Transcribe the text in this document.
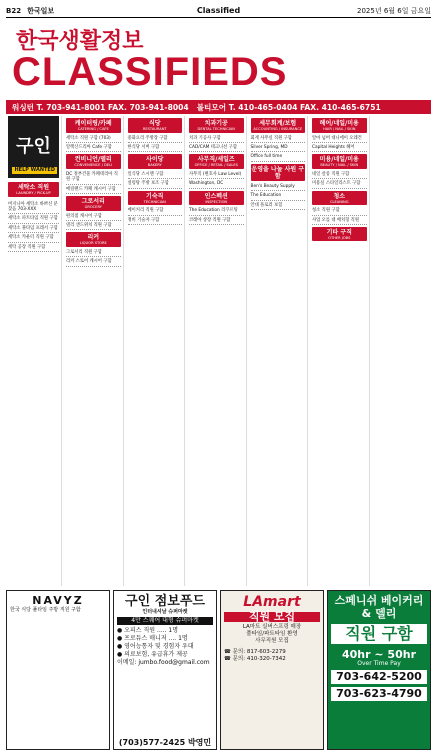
B22 한국일보	Classified	2025년 6월 6일 금요일
한국생활정보
CLASSIFIEDS
워싱턴 T. 703-941-8001 FAX. 703-941-8004 볼티모어 T. 410-465-0404 FAX. 410-465-6751
구인
HELP WANTED
세탁소 직원
LAUNDRY / PICK-UP
버지니아 세탁소 바쁘신 분 찾음 703-XXX
세탁소 파트타임 직원 구함
세탁소 풀타임 프레서 구함
세탁소 카운터 직원 구함
세탁 공장 직원 구함
케이터링/카페
CATERING / CAFE
세탁소 직원 구함 (703)
알렉산드리아 Cafe 구함
컨비니언/델리
CONVENIENCE / DELI
DC 정부건물 카페테리아 직원 구함
메릴랜드 카페 캐시어 구함
그로서리
GROCERY
편의점 캐시어 구함
델리 샌드위치 직원 구함
리커
LIQUOR STORE
그로서리 직원 구함
리커 스토어 캐시어 구함
식당
RESTAURANT
중화요리 주방장 구함
한식당 서버 구함
사이당
BAKERY
일식당 스시맨 구함
설렁탕 주방 보조 구함
기숙직
TECHNICIAN
베이커리 직원 구함
정비 기술자 구함
치과기공
DENTAL TECHNICIAN
치과 기공사 구함
CAD/CAM 테크니션 구함
사무직/세일즈
OFFICE / RETAIL / SALES
사무직 (변호사 Law Level)
Washington, DC
인스펙션
INSPECTION
The Education 리쿠르팅
코레아 상장 직원 구함
세무회계/보험
ACCOUNTING / INSURANCE
회계 사무실 직원 구함
Silver Spring, MD
Office full time
운영을 나눌 사원 구함
Ben's Beauty Supply
The Education
안대 플로러 보험
헤어/네일/미용
HAIR / NAIL / SKIN
알마 넘버 대니에이 오레건
Capital Heights 헤어
미용/네일/미용
BEAUTY / NAIL / SKIN
네일 살롱 직원 구함
미용실 스타일리스트 구함
청소
CLEANING
청소 직원 구함
사업 오를 대 배치형 직원
기타 구직
OTHER JOBS
NAVYZ
한국 식당 풀타임 주방 직원 구함
구인 점보푸드
인터내셔날 슈퍼마켓
4만 스퀘어 대형 슈퍼마켓
● 오피스 직원 ..... 1명
● 프로듀스 매니저 .... 1명
● 영어능통자 및 경험자 우대
● 의료보험, 유급휴가 제공
이메일: jumbo.food@gmail.com
(703)577-2425 박영민
LAmart
직원 모집
LA마트 실버스프링 매장
풀타임/파트타임 환영
사무직원 모집
☎ 문의: 817-603-2279
☎ 문의: 410-320-7342
스페니쉬 베이커리 & 델리
직원 구함
40hr ~ 50hr
Over Time Pay
703-642-5200
703-623-4790
